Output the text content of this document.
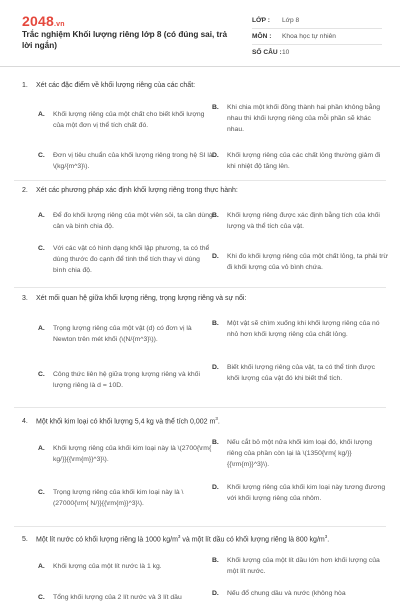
2048.vn
Trắc nghiệm Khối lượng riêng lớp 8 (có đúng sai, trả lời ngắn)
LỚP :	Lớp 8
MÔN :	Khoa học tự nhiên
SỐ CÂU : 10
1. Xét các đặc điểm về khối lượng riêng của các chất:
A. Khối lượng riêng của một chất cho biết khối lượng của một đơn vị thể tích chất đó.
B. Khi chia một khối đồng thành hai phần không bằng nhau thì khối lượng riêng của mỗi phần sẽ khác nhau.
C. Đơn vị tiêu chuẩn của khối lượng riêng trong hệ SI là \(kg/{m^3}\).
D. Khối lượng riêng của các chất lỏng thường giảm đi khi nhiệt độ tăng lên.
2. Xét các phương pháp xác định khối lượng riêng trong thực hành:
A. Để đo khối lượng riêng của một viên sỏi, ta cần dùng cân và bình chia độ.
B. Khối lượng riêng được xác định bằng tích của khối lượng và thể tích của vật.
C. Với các vật có hình dạng khối lập phương, ta có thể dùng thước đo cạnh để tính thể tích thay vì dùng bình chia độ.
D. Khi đo khối lượng riêng của một chất lỏng, ta phải trừ đi khối lượng của vỏ bình chứa.
3. Xét mối quan hệ giữa khối lượng riêng, trọng lượng riêng và sự nổi:
A. Trọng lượng riêng của một vật (d) có đơn vị là Newton trên mét khối (\(N/{m^3}\)).
B. Một vật sẽ chìm xuống khi khối lượng riêng của nó nhỏ hơn khối lượng riêng của chất lỏng.
C. Công thức liên hệ giữa trọng lượng riêng và khối lượng riêng là d = 10D.
D. Biết khối lượng riêng của vật, ta có thể tính được khối lượng của vật đó khi biết thể tích.
4. Một khối kim loại có khối lượng 5,4 kg và thể tích 0,002 $m^3$.
A. Khối lượng riêng của khối kim loại này là \(2700{\rm{ kg/}}{{\rm{m}}^3}\).
B. Nếu cắt bỏ một nửa khối kim loại đó, khối lượng riêng của phần còn lại là \(1350{\rm{ kg/}}{{\rm{m}}^3}\).
C. Trọng lượng riêng của khối kim loại này là \(27000{\rm{ N/}}{{\rm{m}}^3}\).
D. Khối lượng riêng của khối kim loại này tương đương với khối lượng riêng của nhôm.
5. Một lít nước có khối lượng riêng là 1000 $kg/m^3$ và một lít dầu có khối lượng riêng là 800 $kg/m^3$.
A. Khối lượng của một lít nước là 1 kg.
B. Khối lượng của một lít dầu lớn hơn khối lượng của một lít nước.
C. Tổng khối lượng của 2 lít nước và 3 lít dầu
D. Nếu đổ chung dầu và nước (không hòa
